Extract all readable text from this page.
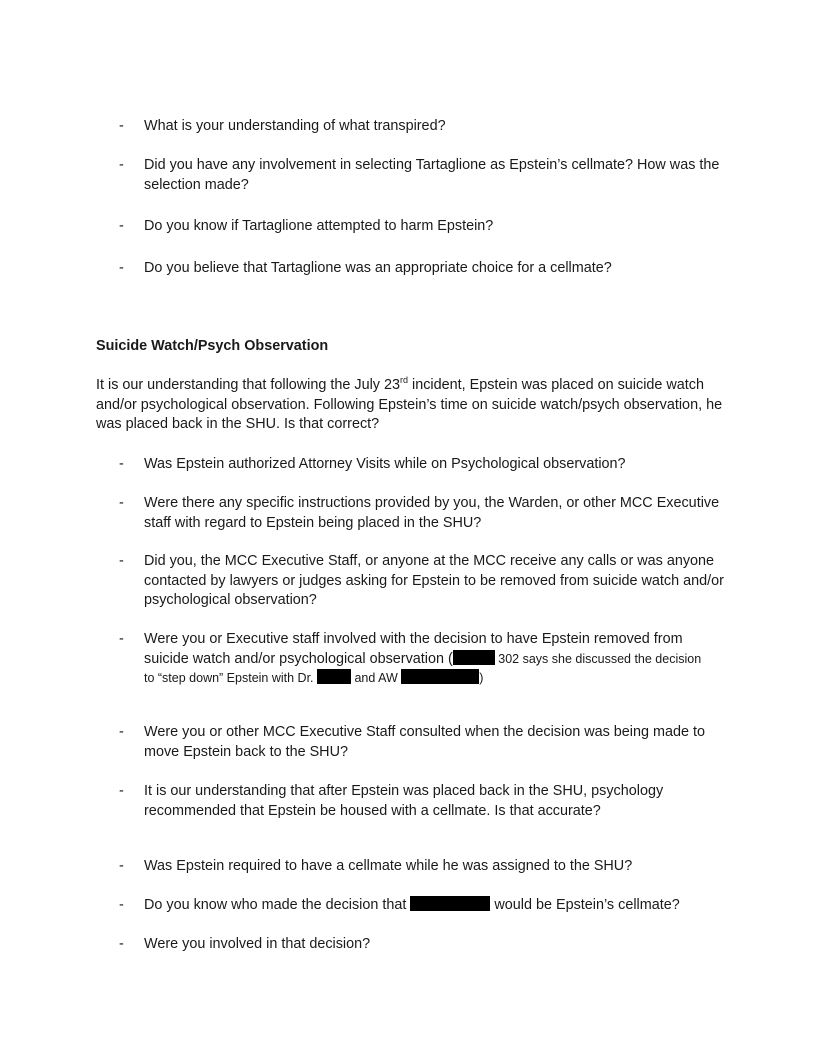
- What is your understanding of what transpired?
- Did you have any involvement in selecting Tartaglione as Epstein’s cellmate? How was the selection made?
- Do you know if Tartaglione attempted to harm Epstein?
- Do you believe that Tartaglione was an appropriate choice for a cellmate?
Suicide Watch/Psych Observation
It is our understanding that following the July 23rd incident, Epstein was placed on suicide watch and/or psychological observation. Following Epstein’s time on suicide watch/psych observation, he was placed back in the SHU. Is that correct?
- Was Epstein authorized Attorney Visits while on Psychological observation?
- Were there any specific instructions provided by you, the Warden, or other MCC Executive staff with regard to Epstein being placed in the SHU?
- Did you, the MCC Executive Staff, or anyone at the MCC receive any calls or was anyone contacted by lawyers or judges asking for Epstein to be removed from suicide watch and/or psychological observation?
- Were you or Executive staff involved with the decision to have Epstein removed from
suicide watch and/or psychological observation (	302 says she discussed the decision
to “step down” Epstein with Dr.	and AW	)
- Were you or other MCC Executive Staff consulted when the decision was being made to move Epstein back to the SHU?
- It is our understanding that after Epstein was placed back in the SHU, psychology recommended that Epstein be housed with a cellmate. Is that accurate?
- Was Epstein required to have a cellmate while he was assigned to the SHU?
- Do you know who made the decision that	would be Epstein’s cellmate?
- Were you involved in that decision?
